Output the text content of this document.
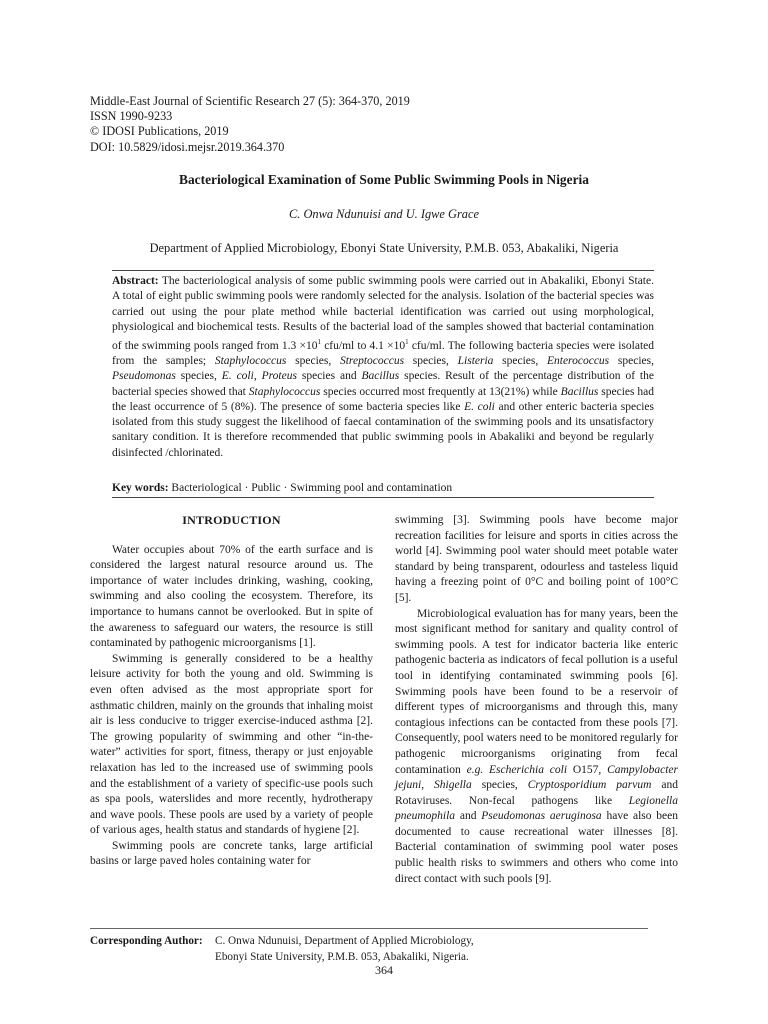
Middle-East Journal of Scientific Research 27 (5): 364-370, 2019
ISSN 1990-9233
© IDOSI Publications, 2019
DOI: 10.5829/idosi.mejsr.2019.364.370
Bacteriological Examination of Some Public Swimming Pools in Nigeria
C. Onwa Ndunuisi and U. Igwe Grace
Department of Applied Microbiology, Ebonyi State University, P.M.B. 053, Abakaliki, Nigeria

Abstract: The bacteriological analysis of some public swimming pools were carried out in Abakaliki, Ebonyi State. A total of eight public swimming pools were randomly selected for the analysis. Isolation of the bacterial species was carried out using the pour plate method while bacterial identification was carried out using morphological, physiological and biochemical tests. Results of the bacterial load of the samples showed that bacterial contamination of the swimming pools ranged from $1.3 \times 10^1$ cfu/ml to $4.1 \times 10^1$ cfu/ml. The following bacteria species were isolated from the samples; Staphylococcus species, Streptococcus species, Listeria species, Enterococcus species, Pseudomonas species, E. coli, Proteus species and Bacillus species. Result of the percentage distribution of the bacterial species showed that Staphylococcus species occurred most frequently at 13(21%) while Bacillus species had the least occurrence of 5 (8%). The presence of some bacteria species like E. coli and other enteric bacteria species isolated from this study suggest the likelihood of faecal contamination of the swimming pools and its unsatisfactory sanitary condition. It is therefore recommended that public swimming pools in Abakaliki and beyond be regularly disinfected /chlorinated.

Key words: Bacteriological · Public · Swimming pool and contamination
INTRODUCTION

Water occupies about 70% of the earth surface and is considered the largest natural resource around us. The importance of water includes drinking, washing, cooking, swimming and also cooling the ecosystem. Therefore, its importance to humans cannot be overlooked. But in spite of the awareness to safeguard our waters, the resource is still contaminated by pathogenic microorganisms [1].

Swimming is generally considered to be a healthy leisure activity for both the young and old. Swimming is even often advised as the most appropriate sport for asthmatic children, mainly on the grounds that inhaling moist air is less conducive to trigger exercise-induced asthma [2]. The growing popularity of swimming and other “in-the-water” activities for sport, fitness, therapy or just enjoyable relaxation has led to the increased use of swimming pools and the establishment of a variety of specific-use pools such as spa pools, waterslides and more recently, hydrotherapy and wave pools. These pools are used by a variety of people of various ages, health status and standards of hygiene [2].

Swimming pools are concrete tanks, large artificial basins or large paved holes containing water for

swimming [3]. Swimming pools have become major recreation facilities for leisure and sports in cities across the world [4]. Swimming pool water should meet potable water standard by being transparent, odourless and tasteless liquid having a freezing point of 0°C and boiling point of 100°C [5].

Microbiological evaluation has for many years, been the most significant method for sanitary and quality control of swimming pools. A test for indicator bacteria like enteric pathogenic bacteria as indicators of fecal pollution is a useful tool in identifying contaminated swimming pools [6]. Swimming pools have been found to be a reservoir of different types of microorganisms and through this, many contagious infections can be contacted from these pools [7]. Consequently, pool waters need to be monitored regularly for pathogenic microorganisms originating from fecal contamination e.g. Escherichia coli O157, Campylobacter jejuni, Shigella species, Cryptosporidium parvum and Rotaviruses. Non-fecal pathogens like Legionella pneumophila and Pseudomonas aeruginosa have also been documented to cause recreational water illnesses [8]. Bacterial contamination of swimming pool water poses public health risks to swimmers and others who come into direct contact with such pools [9].

Corresponding Author: C. Onwa Ndunuisi, Department of Applied Microbiology,
Ebonyi State University, P.M.B. 053, Abakaliki, Nigeria.
364
